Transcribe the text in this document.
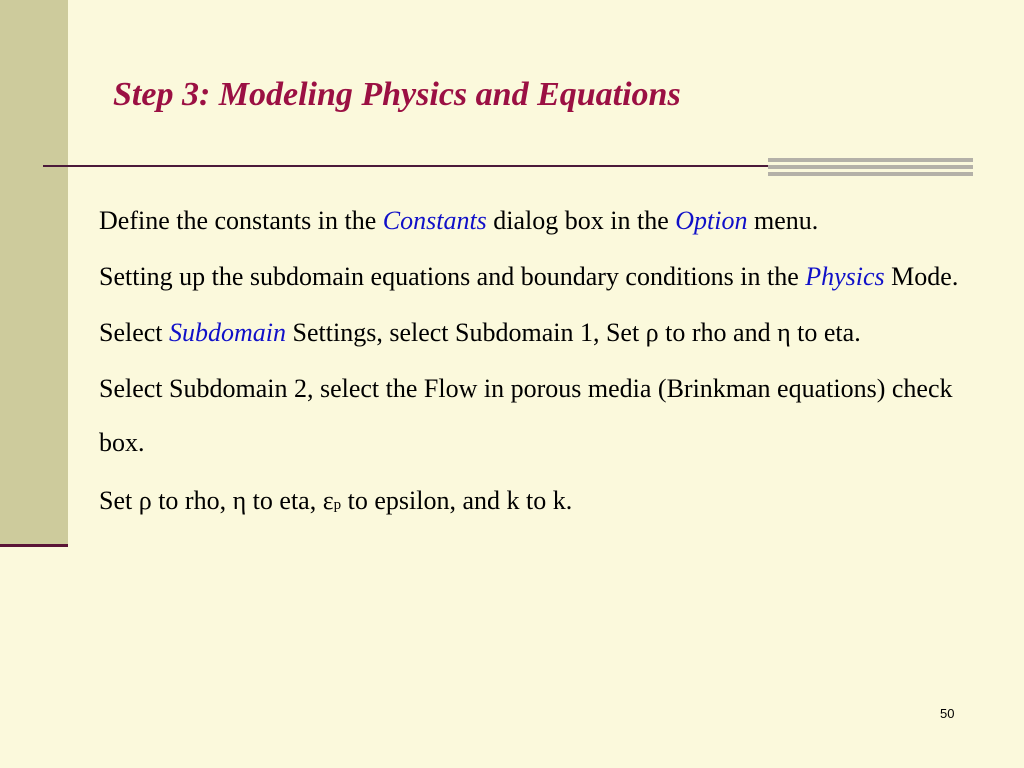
Step 3: Modeling Physics and Equations

Define the constants in the Constants dialog box in the Option menu.

Setting up the subdomain equations and boundary conditions in the Physics Mode.

Select Subdomain Settings, select Subdomain 1, Set ρ to rho and η to eta.

Select Subdomain 2, select the Flow in porous media (Brinkman equations) check box.

Set ρ to rho, η to eta, εp to epsilon, and k to k.

50
